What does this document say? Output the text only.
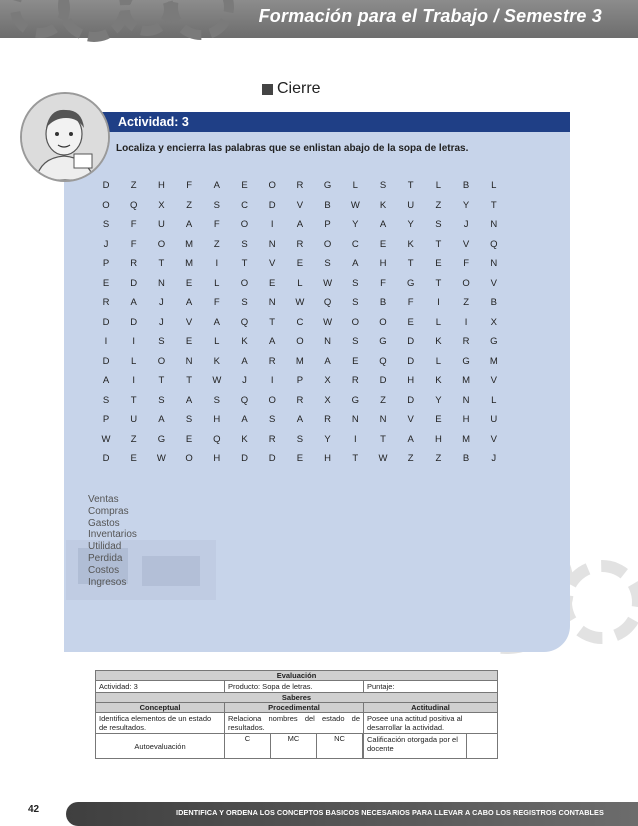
Formación para el Trabajo / Semestre 3
Cierre
Actividad: 3
Localiza y encierra las palabras que se enlistan abajo de la sopa de letras.
D	Z	H	F	A E O R G	L	S	T	L	B	L
O Q X	Z	S C D V B W K U	Z	Y	T
S	F	U A	F	O	I	A P Y A Y S	J	N
J	F	O M	Z	S N R O C E K	T	V Q
P R	T	M	I	T	V E S A H	T	E	F	N
E D N E	L	O E	L	W S	F	G	T	O V
R A	J	A	F	S N W Q S B	F	I	Z	B
D D	J	V A Q	T	C W O O E	L	I	X
I	I	S E	L	K A O N S G D K R G
D	L	O N K A R M A E Q D	L	G M
A	I	T	T	W	J	I	P X R D H K M V
S	T	S A S Q O R X G	Z	D Y N	L
P U A S H A S A R N N V E H U
W	Z	G E Q K R S Y	I	T	A H M V
D E W O H D D E H	T	W	Z	Z	B	J
Ventas
Compras
Gastos
Inventarios
Utilidad
Perdida
Costos
Ingresos
Evaluación		
Actividad: 3	Producto: Sopa de letras.	Puntaje:
Saberes		
Conceptual	Procedimental	Actitudinal
Identifica elementos de un estado de resultados.	Relaciona nombres del estado de resultados.	Posee una actitud positiva al desarrollar la actividad.
Autoevaluación	C MC NC	Calificación otorgada por el docente
42	IDENTIFICA Y ORDENA LOS CONCEPTOS BASICOS NECESARIOS PARA LLEVAR A CABO LOS REGISTROS CONTABLES
